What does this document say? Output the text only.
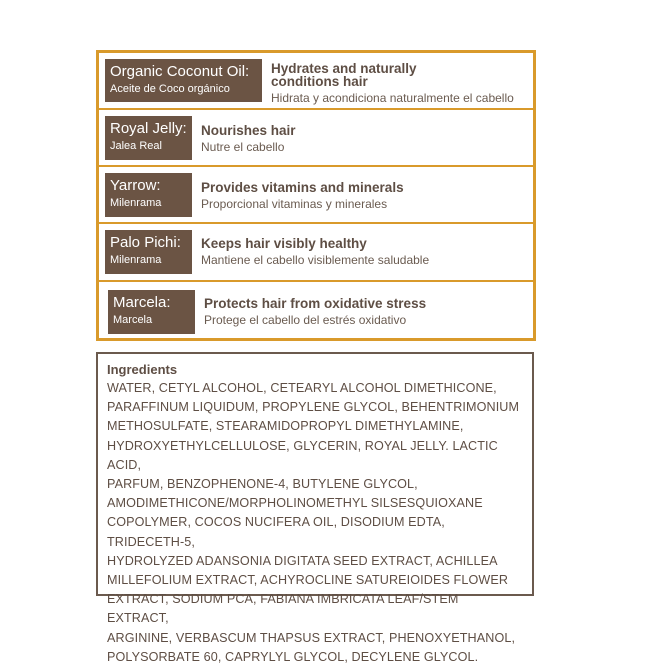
Organic Coconut Oil:
Aceite de Coco orgánico
Hydrates and naturally
conditions hair
Hidrata y acondiciona naturalmente el cabello
Royal Jelly:
Jalea Real
Nourishes hair
Nutre el cabello
Yarrow:
Milenrama
Provides vitamins and minerals
Proporcional vitaminas y minerales
Palo Pichi:
Milenrama
Keeps hair visibly healthy
Mantiene el cabello visiblemente saludable
Marcela:
Marcela
Protects hair from oxidative stress
Protege el cabello del estrés oxidativo
Ingredients
WATER, CETYL ALCOHOL, CETEARYL ALCOHOL DIMETHICONE,
PARAFFINUM LIQUIDUM, PROPYLENE GLYCOL, BEHENTRIMONIUM
METHOSULFATE, STEARAMIDOPROPYL DIMETHYLAMINE,
HYDROXYETHYLCELLULOSE, GLYCERIN, ROYAL JELLY. LACTIC ACID,
PARFUM, BENZOPHENONE-4, BUTYLENE GLYCOL,
AMODIMETHICONE/MORPHOLINOMETHYL SILSESQUIOXANE
COPOLYMER, COCOS NUCIFERA OIL, DISODIUM EDTA, TRIDECETH-5,
HYDROLYZED ADANSONIA DIGITATA SEED EXTRACT, ACHILLEA
MILLEFOLIUM EXTRACT, ACHYROCLINE SATUREIOIDES FLOWER
EXTRACT, SODIUM PCA, FABIANA IMBRICATA LEAF/STEM EXTRACT,
ARGININE, VERBASCUM THAPSUS EXTRACT, PHENOXYETHANOL,
POLYSORBATE 60, CAPRYLYL GLYCOL, DECYLENE GLYCOL.
